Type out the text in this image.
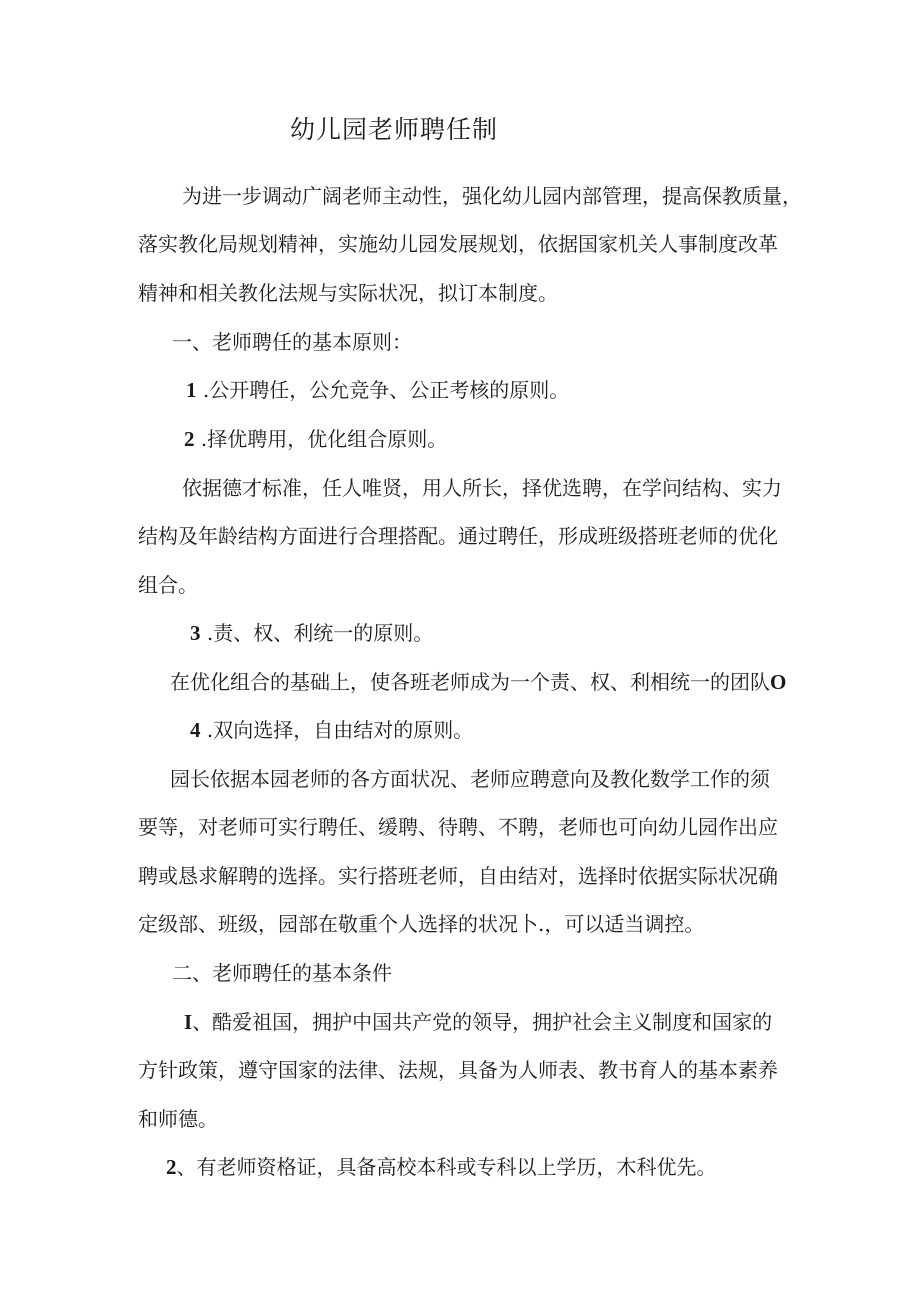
幼儿园老师聘任制
为进一步调动广阔老师主动性，强化幼儿园内部管理，提高保教质量，
落实教化局规划精神，实施幼儿园发展规划，依据国家机关人事制度改革
精神和相关教化法规与实际状况，拟订本制度。
一、老师聘任的基本原则：
1 .公开聘任，公允竞争、公正考核的原则。
2 .择优聘用，优化组合原则。
依据德才标准，任人唯贤，用人所长，择优选聘，在学问结构、实力
结构及年龄结构方面进行合理搭配。通过聘任，形成班级搭班老师的优化
组合。
3 .责、权、利统一的原则。
在优化组合的基础上，使各班老师成为一个责、权、利相统一的团队O
4 .双向选择，自由结对的原则。
园长依据本园老师的各方面状况、老师应聘意向及教化数学工作的须
要等，对老师可实行聘任、缓聘、待聘、不聘，老师也可向幼儿园作出应
聘或恳求解聘的选择。实行搭班老师，自由结对，选择时依据实际状况确
定级部、班级，园部在敬重个人选择的状况卜.，可以适当调控。
二、老师聘任的基本条件
I、酷爱祖国，拥护中国共产党的领导，拥护社会主义制度和国家的
方针政策，遵守国家的法律、法规，具备为人师表、教书育人的基本素养
和师德。
2、有老师资格证，具备高校本科或专科以上学历，木科优先。
